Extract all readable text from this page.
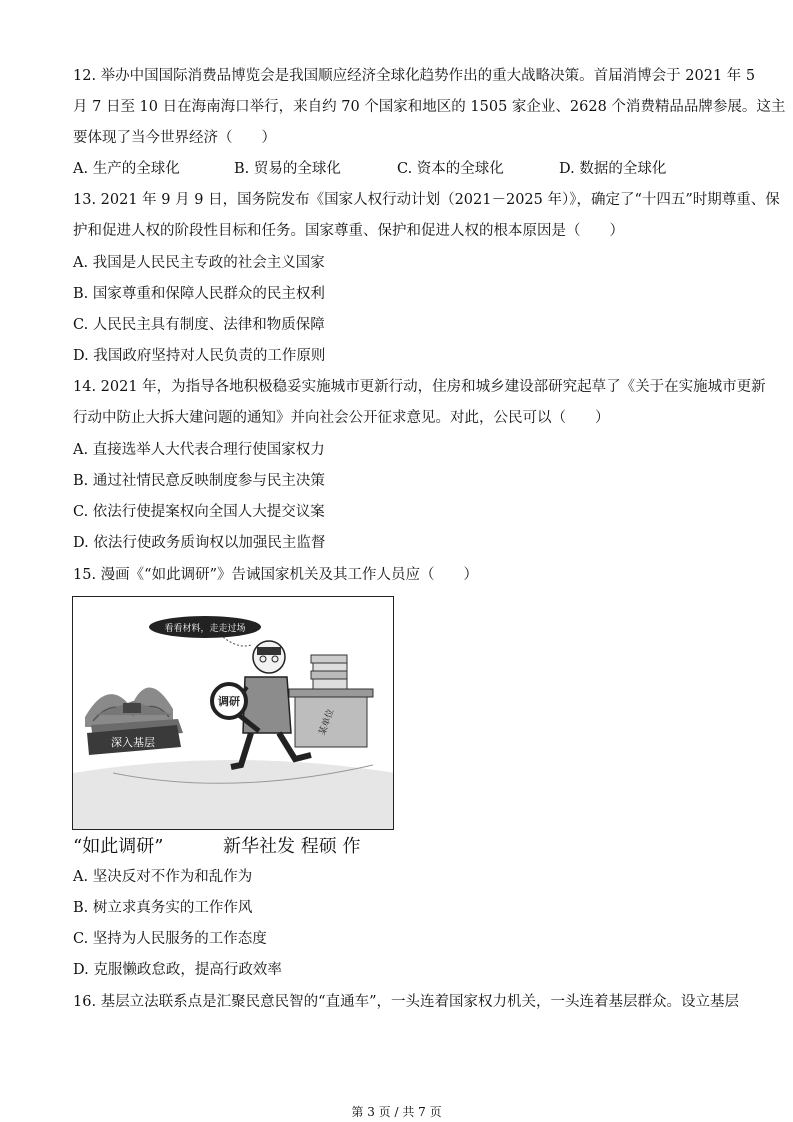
12. 举办中国国际消费品博览会是我国顺应经济全球化趋势作出的重大战略决策。首届消博会于 2021 年 5
月 7 日至 10 日在海南海口举行，来自约 70 个国家和地区的 1505 家企业、2628 个消费精品品牌参展。这主
要体现了当今世界经济（　　）
A. 生产的全球化	B. 贸易的全球化	C. 资本的全球化	D. 数据的全球化
13. 2021 年 9 月 9 日，国务院发布《国家人权行动计划（2021－2025 年）》，确定了“十四五”时期尊重、保
护和促进人权的阶段性目标和任务。国家尊重、保护和促进人权的根本原因是（　　）
A. 我国是人民民主专政的社会主义国家
B. 国家尊重和保障人民群众的民主权利
C. 人民民主具有制度、法律和物质保障
D. 我国政府坚持对人民负责的工作原则
14. 2021 年，为指导各地积极稳妥实施城市更新行动，住房和城乡建设部研究起草了《关于在实施城市更新
行动中防止大拆大建问题的通知》并向社会公开征求意见。对此，公民可以（　　）
A. 直接选举人大代表合理行使国家权力
B. 通过社情民意反映制度参与民主决策
C. 依法行使提案权向全国人大提交议案
D. 依法行使政务质询权以加强民主监督
15. 漫画《“如此调研”》告诫国家机关及其工作人员应（　　）
深入基层
某单位
看看材料，走走过场
调研
“如此调研”	新华社发 程硕 作
A. 坚决反对不作为和乱作为
B. 树立求真务实的工作作风
C. 坚持为人民服务的工作态度
D. 克服懒政怠政，提高行政效率
16. 基层立法联系点是汇聚民意民智的“直通车”，一头连着国家权力机关，一头连着基层群众。设立基层
第 3 页 / 共 7 页
